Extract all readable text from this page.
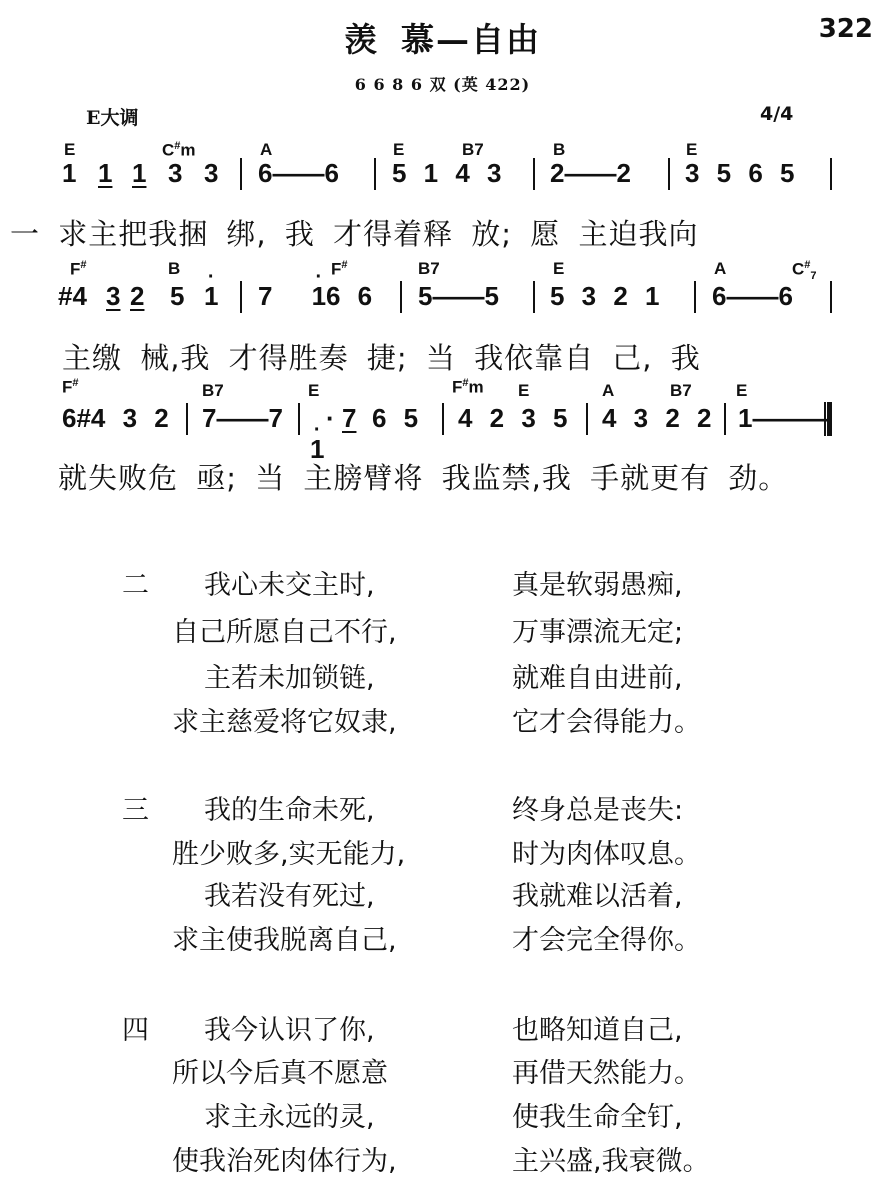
羡 慕—自由	322
6 6 8 6 双 (英 422)
E大调	4/4
E	C#m	A	E	B7	B	E
1 1 1 3 3 6——6 5 1 4 3 2——2 3 5 6 5
一 求主把我捆 绑, 我 才得着释 放; 愿 主迫我向
F#	B	F#	B7	E	A	$C^{\#}_7$
#4 3 2 5 · 1 7 · 1 6 6 5——5 5 3 2 1 6——6
主缴 械,我 才得胜奏 捷; 当 我依靠自 己, 我
F#	B7	E	F#m E	A	B7	E
6#4 3 2 7——7
· 1
· 7 6 5 4 2 3 5 4 3 2 2 1———
就失败危 亟; 当 主膀臂将 我监禁,我 手就更有 劲。
二 我心未交主时,	真是软弱愚痴,
自己所愿自己不行,	万事漂流无定;
主若未加锁链,	就难自由进前,
求主慈爱将它奴隶,	它才会得能力。
三 我的生命未死,	终身总是丧失:
胜少败多,实无能力,	时为肉体叹息。
我若没有死过,	我就难以活着,
求主使我脱离自己,	才会完全得你。
四 我今认识了你,	也略知道自己,
所以今后真不愿意	再借天然能力。
求主永远的灵,	使我生命全钉,
使我治死肉体行为,	主兴盛,我衰微。
